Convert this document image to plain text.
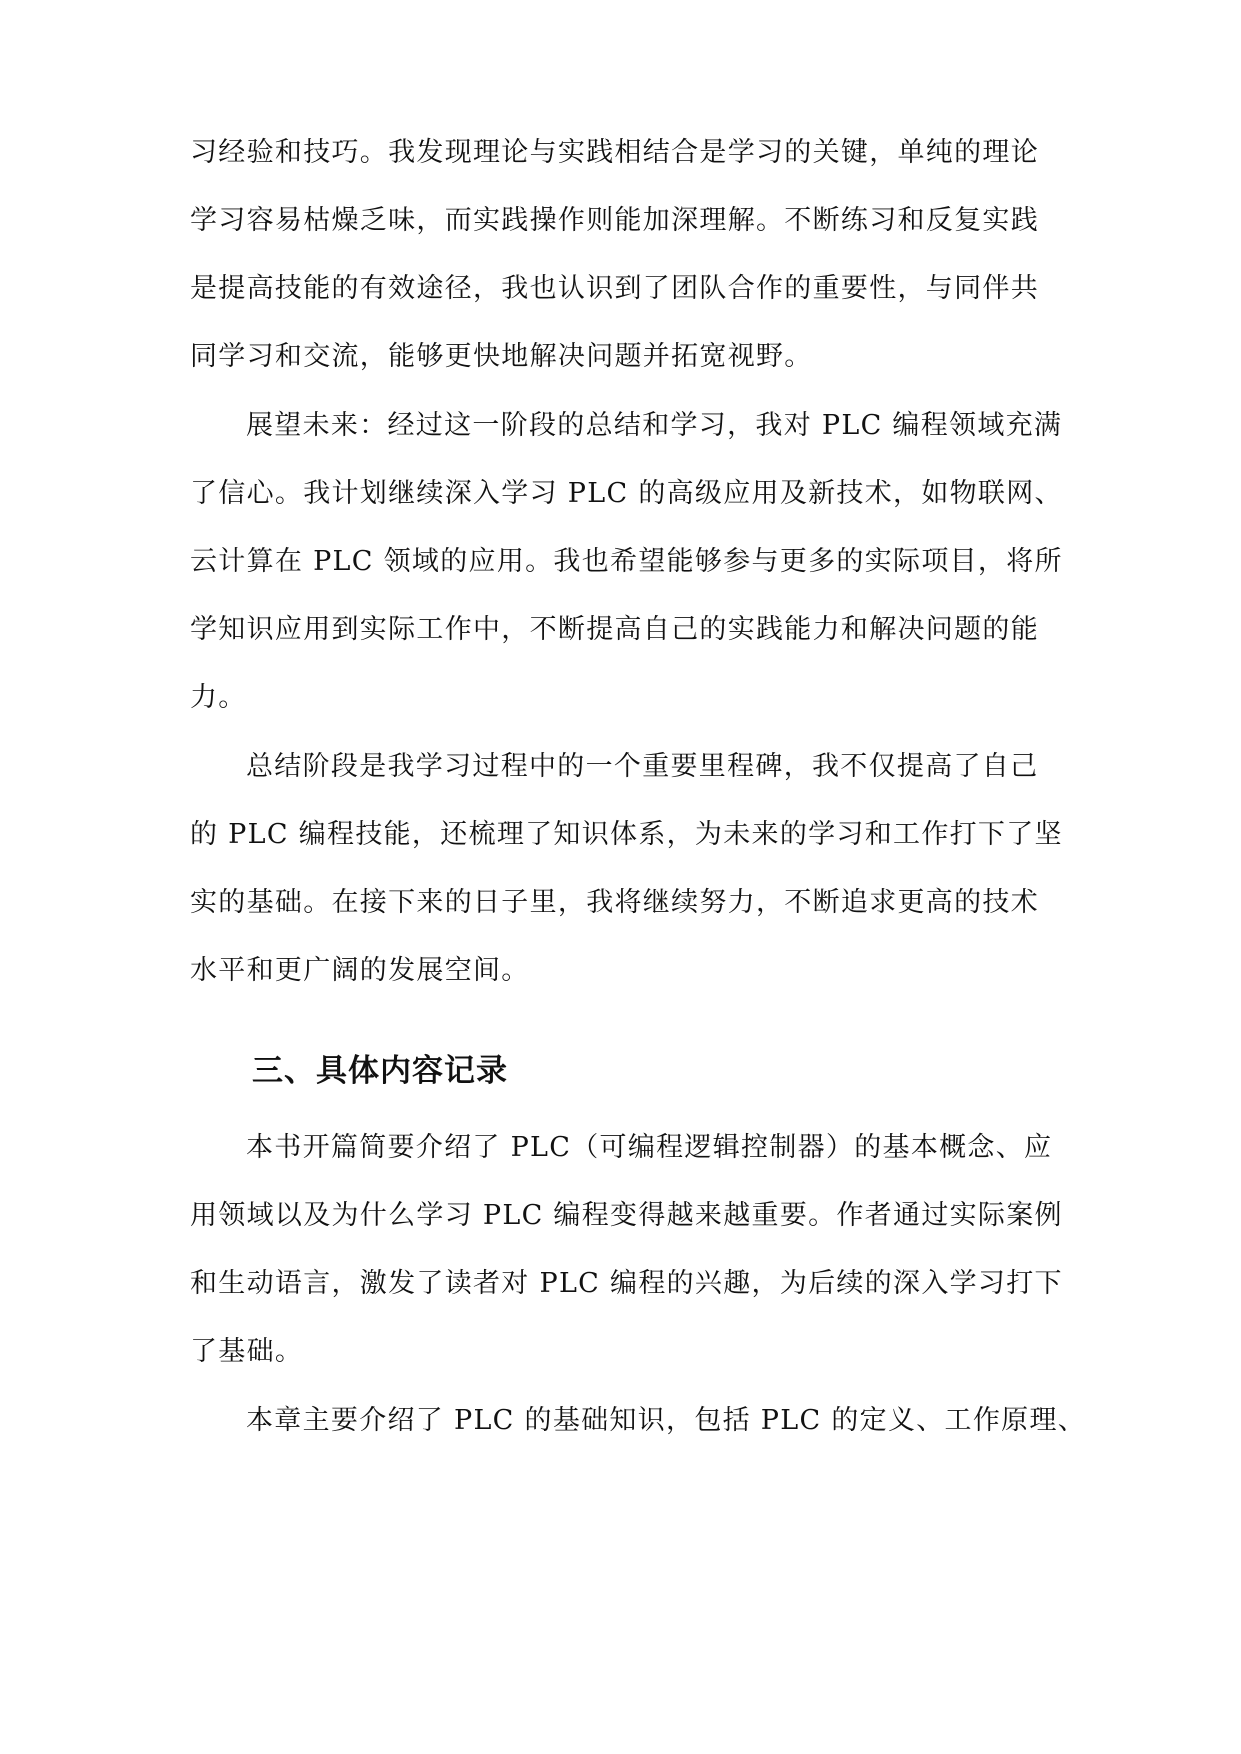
习经验和技巧。我发现理论与实践相结合是学习的关键，单纯的理论
学习容易枯燥乏味，而实践操作则能加深理解。不断练习和反复实践
是提高技能的有效途径，我也认识到了团队合作的重要性，与同伴共
同学习和交流，能够更快地解决问题并拓宽视野。
展望未来：经过这一阶段的总结和学习，我对 PLC 编程领域充满
了信心。我计划继续深入学习 PLC 的高级应用及新技术，如物联网、
云计算在 PLC 领域的应用。我也希望能够参与更多的实际项目，将所
学知识应用到实际工作中，不断提高自己的实践能力和解决问题的能
力。
总结阶段是我学习过程中的一个重要里程碑，我不仅提高了自己
的 PLC 编程技能，还梳理了知识体系，为未来的学习和工作打下了坚
实的基础。在接下来的日子里，我将继续努力，不断追求更高的技术
水平和更广阔的发展空间。
三、具体内容记录
本书开篇简要介绍了 PLC（可编程逻辑控制器）的基本概念、应
用领域以及为什么学习 PLC 编程变得越来越重要。作者通过实际案例
和生动语言，激发了读者对 PLC 编程的兴趣，为后续的深入学习打下
了基础。
本章主要介绍了 PLC 的基础知识，包括 PLC 的定义、工作原理、
